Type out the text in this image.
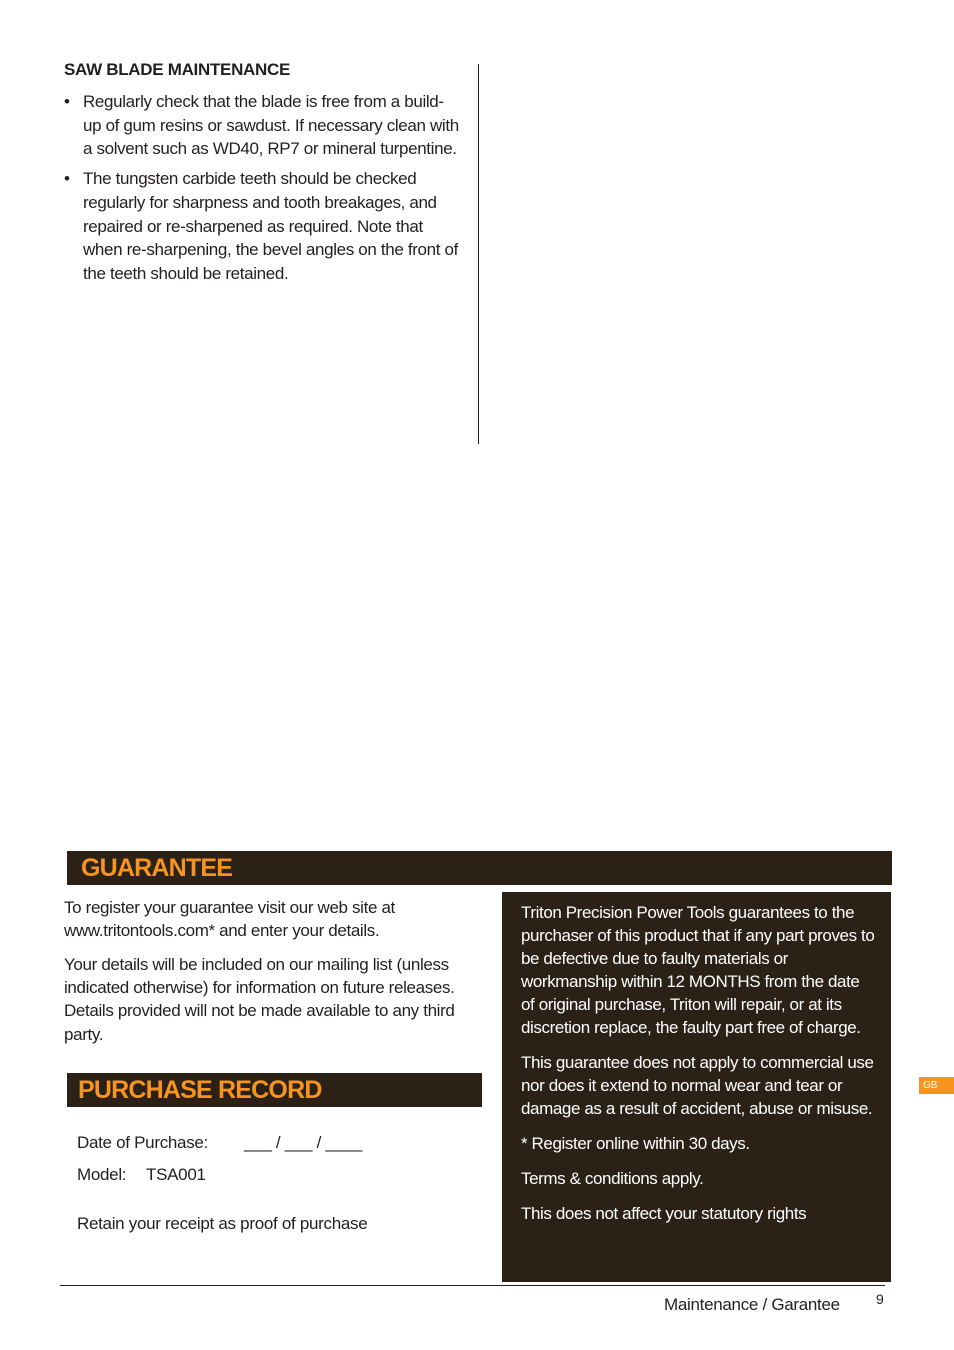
SAW BLADE MAINTENANCE
• Regularly check that the blade is free from a build-up of gum resins or sawdust. If necessary clean with a solvent such as WD40, RP7 or mineral turpentine.
• The tungsten carbide teeth should be checked regularly for sharpness and tooth breakages, and repaired or re-sharpened as required. Note that when re-sharpening, the bevel angles on the front of the teeth should be retained.
GUARANTEE

To register your guarantee visit our web site at www.tritontools.com* and enter your details.

Your details will be included on our mailing list (unless indicated otherwise) for information on future releases. Details provided will not be made available to any third party.

PURCHASE RECORD
Date of Purchase: ___ / ___ / ____
Model: TSA001
Retain your receipt as proof of purchase

Triton Precision Power Tools guarantees to the purchaser of this product that if any part proves to be defective due to faulty materials or workmanship within 12 MONTHS from the date of original purchase, Triton will repair, or at its discretion replace, the faulty part free of charge.

This guarantee does not apply to commercial use nor does it extend to normal wear and tear or damage as a result of accident, abuse or misuse.

* Register online within 30 days.

Terms & conditions apply.

This does not affect your statutory rights

Maintenance / Garantee	9
GB
